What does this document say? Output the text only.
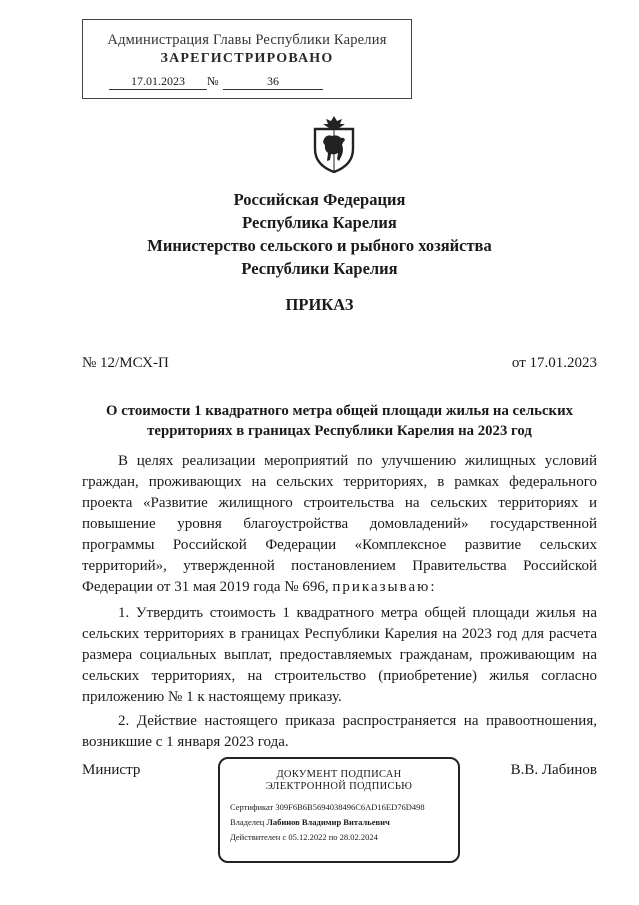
Администрация Главы Республики Карелия
ЗАРЕГИСТРИРОВАНО
17.01.2023	№	36
Российская Федерация
Республика Карелия
Министерство сельского и рыбного хозяйства
Республики Карелия
ПРИКАЗ
№ 12/МСХ-П	от 17.01.2023
О стоимости 1 квадратного метра общей площади жилья на сельских
территориях в границах Республики Карелия на 2023 год
В целях реализации мероприятий по улучшению жилищных условий граждан, проживающих на сельских территориях, в рамках федерального проекта «Развитие жилищного строительства на сельских территориях и повышение уровня благоустройства домовладений» государственной программы Российской Федерации «Комплексное развитие сельских территорий», утвержденной постановлением Правительства Российской Федерации от 31 мая 2019 года № 696, приказываю:
1. Утвердить стоимость 1 квадратного метра общей площади жилья на сельских территориях в границах Республики Карелия на 2023 год для расчета размера социальных выплат, предоставляемых гражданам, проживающим на сельских территориях, на строительство (приобретение) жилья согласно приложению № 1 к настоящему приказу.
2. Действие настоящего приказа распространяется на правоотношения, возникшие с 1 января 2023 года.
Министр	В.В. Лабинов
ДОКУМЕНТ ПОДПИСАН
ЭЛЕКТРОННОЙ ПОДПИСЬЮ
Сертификат 309F6B6B5694038496C6AD16ED76D498
Владелец Лабинов Владимир Витальевич
Действителен с 05.12.2022 по 28.02.2024
